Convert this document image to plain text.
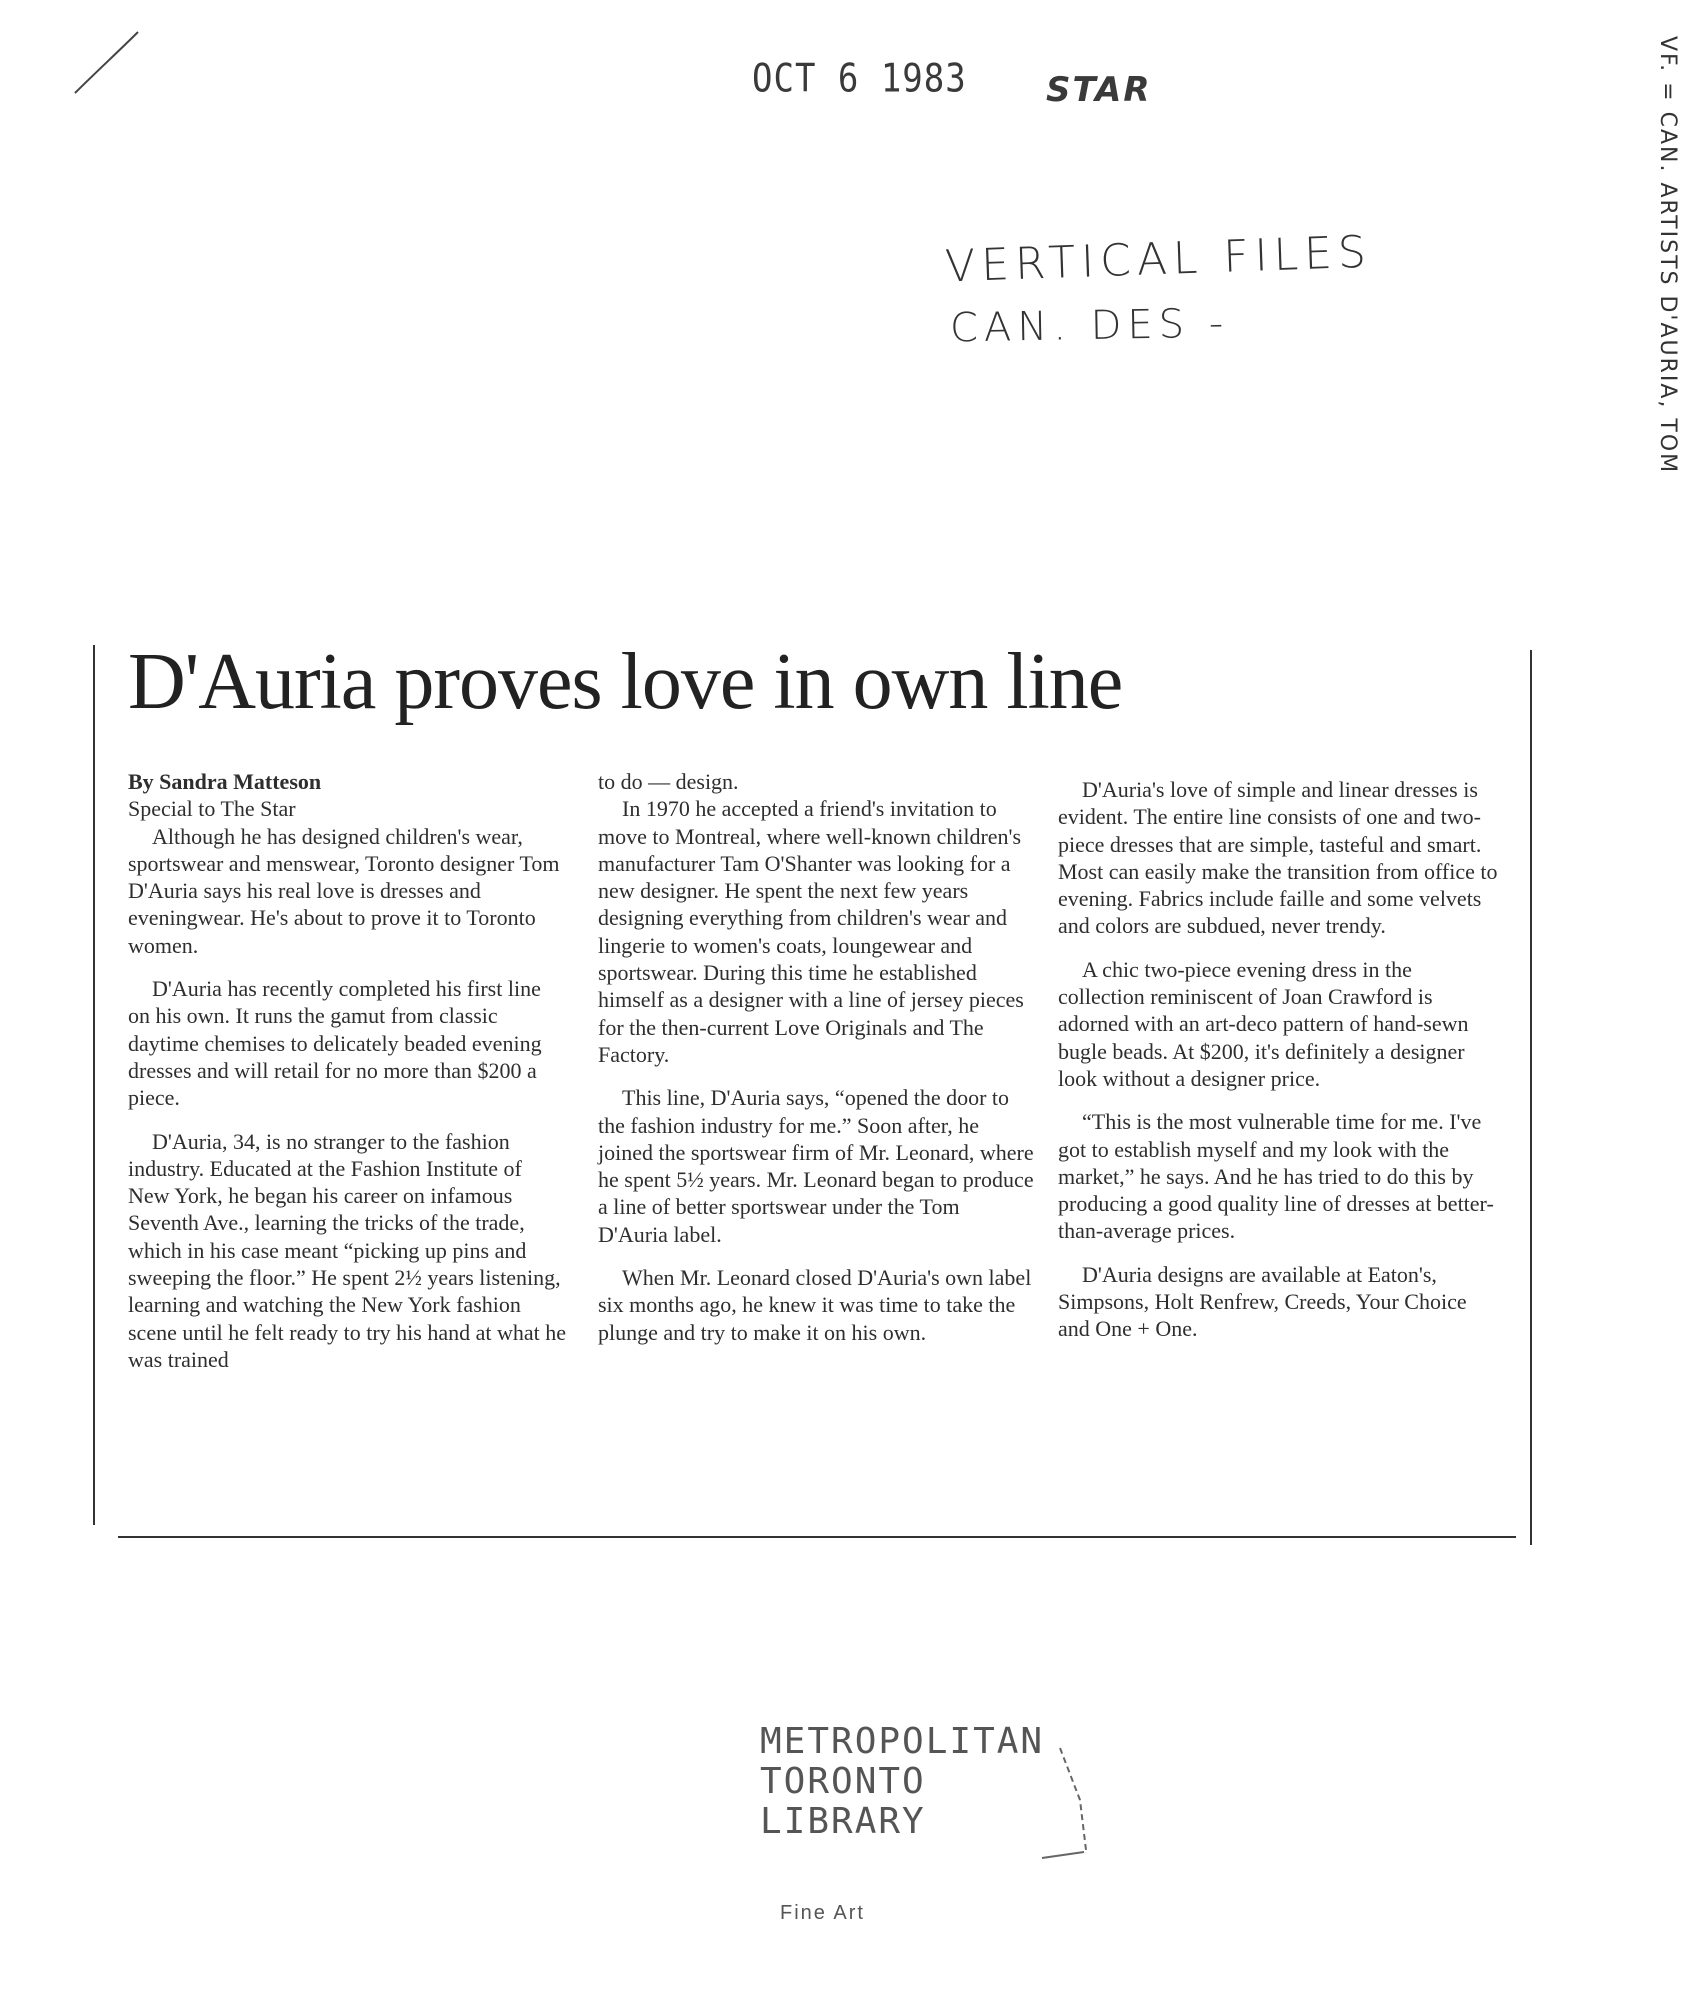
OCT 6 1983 STAR
VERTICAL FILES
CAN. DES -	VF. = CAN. ARTISTS D'AURIA, TOM
D'Auria proves love in own line

By Sandra Matteson

Special to The Star

Although he has designed children's wear, sportswear and menswear, Toronto designer Tom D'Auria says his real love is dresses and eveningwear. He's about to prove it to Toronto women.

D'Auria has recently completed his first line on his own. It runs the gamut from classic daytime chemises to delicately beaded evening dresses and will retail for no more than $200 a piece.

D'Auria, 34, is no stranger to the fashion industry. Educated at the Fashion Institute of New York, he began his career on infamous Seventh Ave., learning the tricks of the trade, which in his case meant “picking up pins and sweeping the floor.” He spent 2½ years listening, learning and watching the New York fashion scene until he felt ready to try his hand at what he was trained

to do — design.

In 1970 he accepted a friend's invitation to move to Montreal, where well-known children's manufacturer Tam O'Shanter was looking for a new designer. He spent the next few years designing everything from children's wear and lingerie to women's coats, loungewear and sportswear. During this time he established himself as a designer with a line of jersey pieces for the then-current Love Originals and The Factory.

This line, D'Auria says, “opened the door to the fashion industry for me.” Soon after, he joined the sportswear firm of Mr. Leonard, where he spent 5½ years. Mr. Leonard began to produce a line of better sportswear under the Tom D'Auria label.

When Mr. Leonard closed D'Auria's own label six months ago, he knew it was time to take the plunge and try to make it on his own.

D'Auria's love of simple and linear dresses is evident. The entire line consists of one and two-piece dresses that are simple, tasteful and smart. Most can easily make the transition from office to evening. Fabrics include faille and some velvets and colors are subdued, never trendy.

A chic two-piece evening dress in the collection reminiscent of Joan Crawford is adorned with an art-deco pattern of hand-sewn bugle beads. At $200, it's definitely a designer look without a designer price.

“This is the most vulnerable time for me. I've got to establish myself and my look with the market,” he says. And he has tried to do this by producing a good quality line of dresses at better-than-average prices.

D'Auria designs are available at Eaton's, Simpsons, Holt Renfrew, Creeds, Your Choice and One + One.

METROPOLITAN
TORONTO
LIBRARY
Fine Art
